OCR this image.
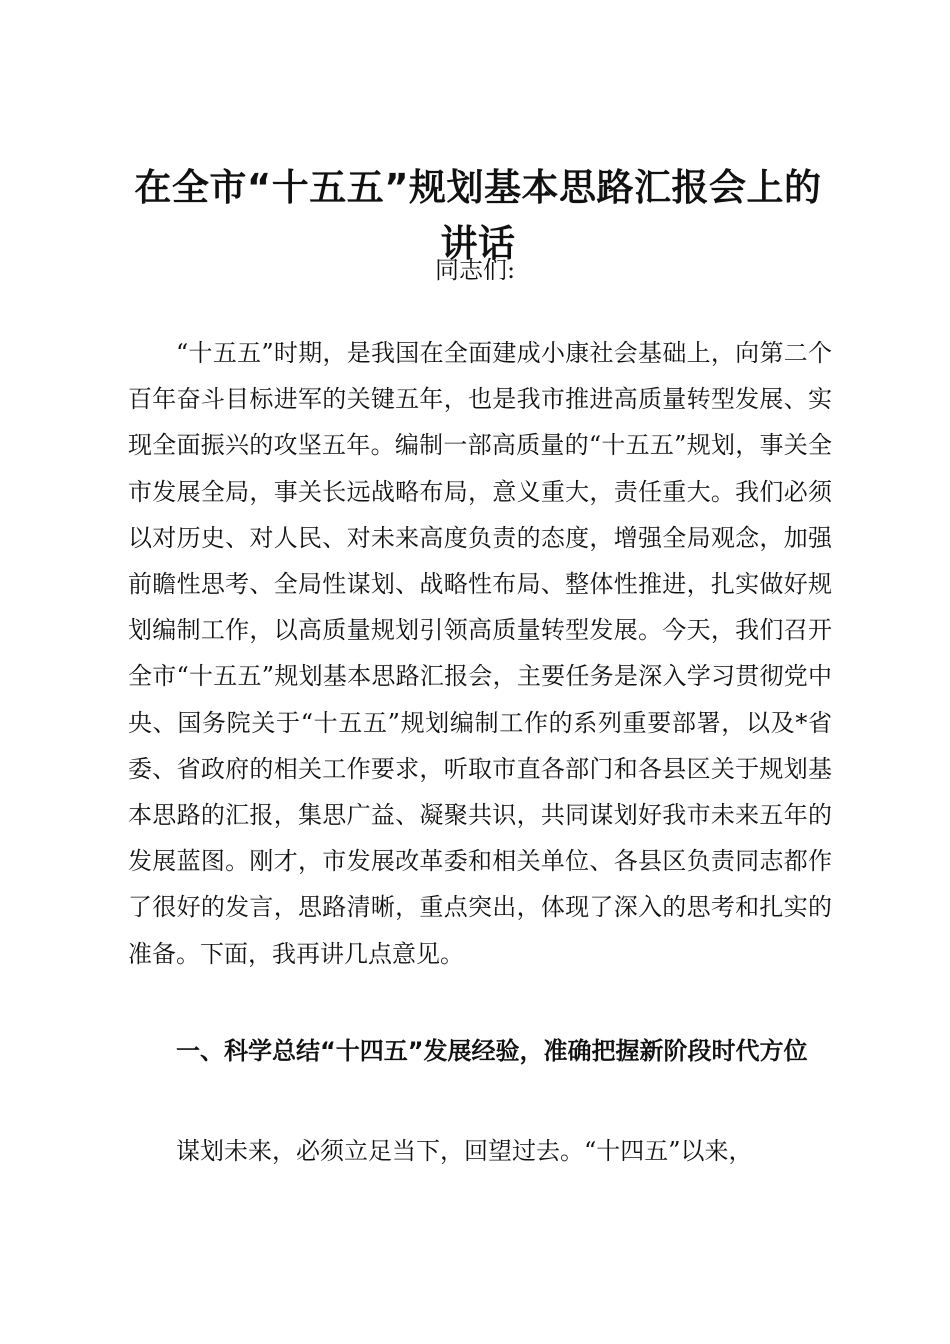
在全市“十五五”规划基本思路汇报会上的讲话

同志们:

“十五五”时期，是我国在全面建成小康社会基础上，向第二个百年奋斗目标进军的关键五年，也是我市推进高质量转型发展、实现全面振兴的攻坚五年。编制一部高质量的“十五五”规划，事关全市发展全局，事关长远战略布局，意义重大，责任重大。我们必须以对历史、对人民、对未来高度负责的态度，增强全局观念，加强前瞻性思考、全局性谋划、战略性布局、整体性推进，扎实做好规划编制工作，以高质量规划引领高质量转型发展。今天，我们召开全市“十五五”规划基本思路汇报会，主要任务是深入学习贯彻党中央、国务院关于“十五五”规划编制工作的系列重要部署，以及*省委、省政府的相关工作要求，听取市直各部门和各县区关于规划基本思路的汇报，集思广益、凝聚共识，共同谋划好我市未来五年的发展蓝图。刚才，市发展改革委和相关单位、各县区负责同志都作了很好的发言，思路清晰，重点突出，体现了深入的思考和扎实的准备。下面，我再讲几点意见。

一、科学总结“十四五”发展经验，准确把握新阶段时代方位

谋划未来，必须立足当下，回望过去。“十四五”以来，
